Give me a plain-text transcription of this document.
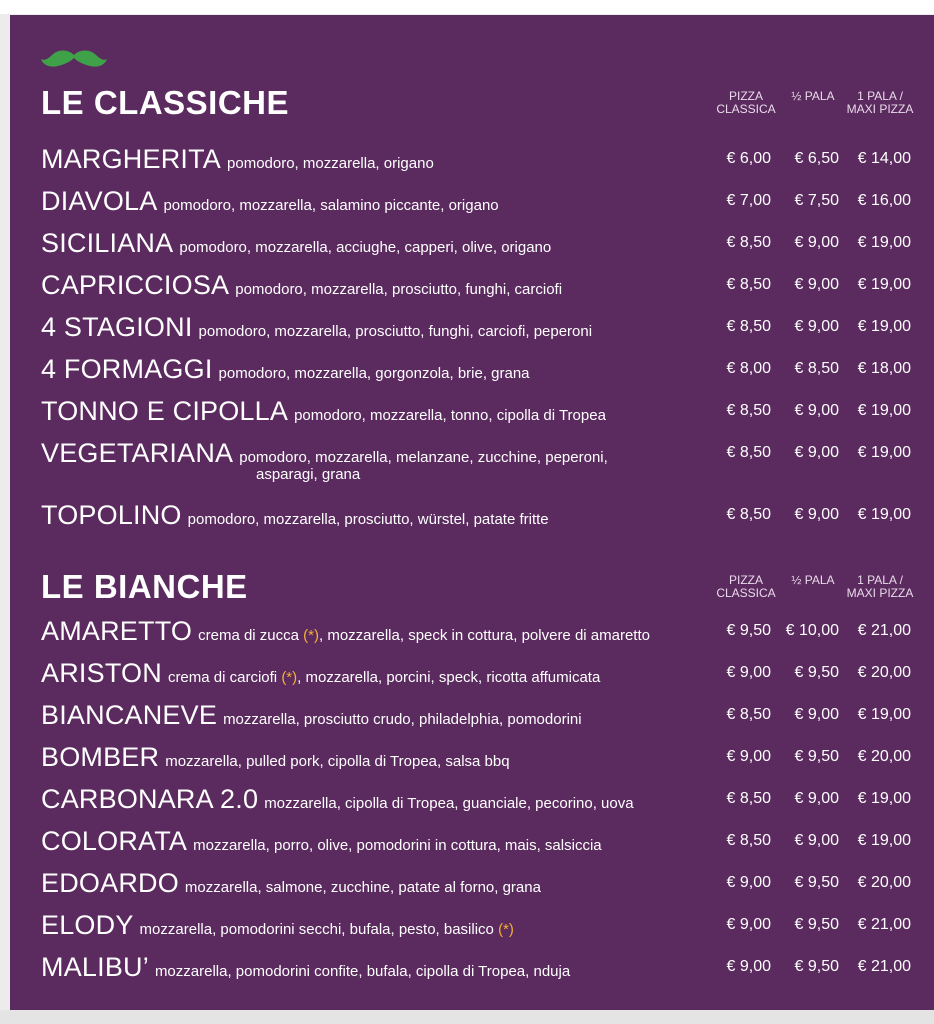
LE CLASSICHE	PIZZA
CLASSICA
½ PALA	1 PALA /
MAXI PIZZA
MARGHERITA pomodoro, mozzarella, origano	€ 6,00	€ 6,50	€ 14,00
DIAVOLA pomodoro, mozzarella, salamino piccante, origano	€ 7,00	€ 7,50	€ 16,00
SICILIANA pomodoro, mozzarella, acciughe, capperi, olive, origano	€ 8,50	€ 9,00	€ 19,00
CAPRICCIOSA pomodoro, mozzarella, prosciutto, funghi, carciofi	€ 8,50	€ 9,00	€ 19,00
4 STAGIONI pomodoro, mozzarella, prosciutto, funghi, carciofi, peperoni	€ 8,50	€ 9,00	€ 19,00
4 FORMAGGI pomodoro, mozzarella, gorgonzola, brie, grana	€ 8,00	€ 8,50	€ 18,00
TONNO E CIPOLLA pomodoro, mozzarella, tonno, cipolla di Tropea	€ 8,50	€ 9,00	€ 19,00
VEGETARIANA pomodoro, mozzarella, melanzane, zucchine, peperoni,
asparagi, grana
€ 8,50	€ 9,00	€ 19,00
TOPOLINO pomodoro, mozzarella, prosciutto, würstel, patate fritte	€ 8,50	€ 9,00	€ 19,00
LE BIANCHE	PIZZA
CLASSICA
½ PALA	1 PALA /
MAXI PIZZA
AMARETTO crema di zucca (*), mozzarella, speck in cottura, polvere di amaretto	€ 9,50 € 10,00	€ 21,00
ARISTON crema di carciofi (*), mozzarella, porcini, speck, ricotta affumicata	€ 9,00	€ 9,50	€ 20,00
BIANCANEVE mozzarella, prosciutto crudo, philadelphia, pomodorini	€ 8,50	€ 9,00	€ 19,00
BOMBER mozzarella, pulled pork, cipolla di Tropea, salsa bbq	€ 9,00	€ 9,50	€ 20,00
CARBONARA 2.0 mozzarella, cipolla di Tropea, guanciale, pecorino, uova	€ 8,50	€ 9,00	€ 19,00
COLORATA mozzarella, porro, olive, pomodorini in cottura, mais, salsiccia	€ 8,50	€ 9,00	€ 19,00
EDOARDO mozzarella, salmone, zucchine, patate al forno, grana	€ 9,00	€ 9,50	€ 20,00
ELODY mozzarella, pomodorini secchi, bufala, pesto, basilico (*)	€ 9,00	€ 9,50	€ 21,00
MALIBU’ mozzarella, pomodorini confite, bufala, cipolla di Tropea, nduja	€ 9,00	€ 9,50	€ 21,00
